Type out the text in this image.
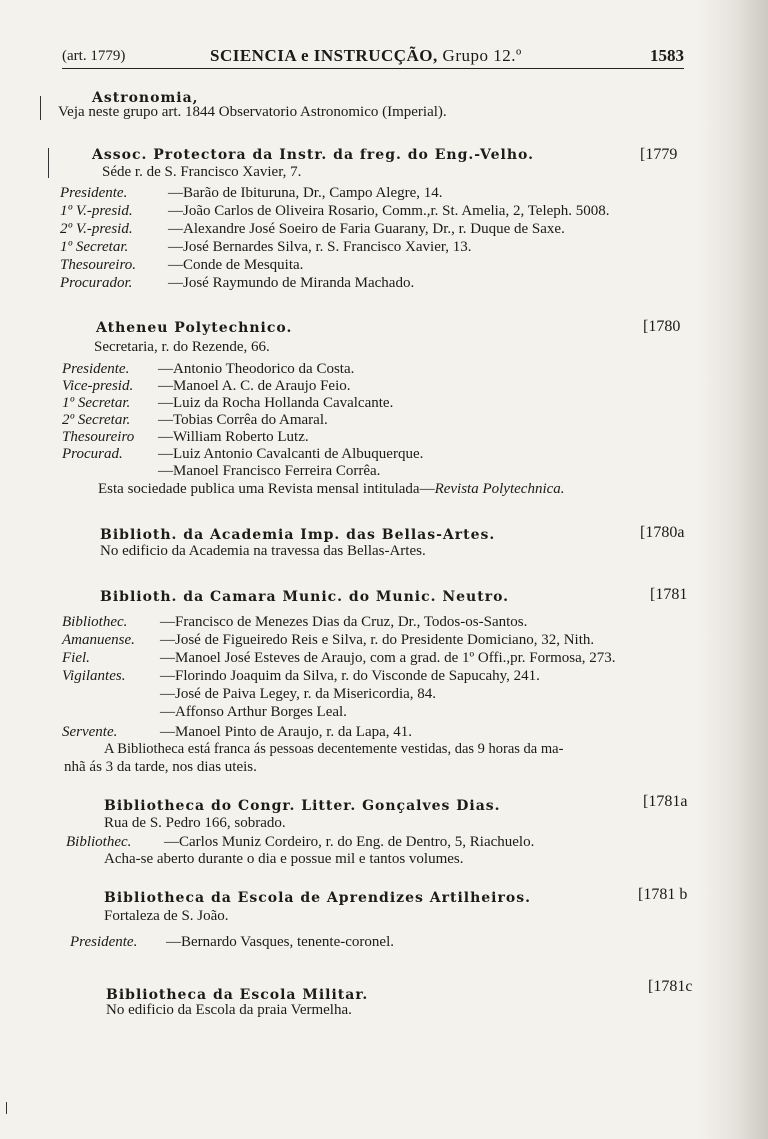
(art. 1779)	SCIENCIA e INSTRUCÇÃO, Grupo 12.º	1583
Astronomia,
Veja neste grupo art. 1844 Observatorio Astronomico (Imperial).
Assoc. Protectora da Instr. da freg. do Eng.-Velho.	[1779
Séde r. de S. Francisco Xavier, 7.
Presidente.	—Barão de Ibituruna, Dr., Campo Alegre, 14.
1º V.-presid. —João Carlos de Oliveira Rosario, Comm.,r. St. Amelia, 2, Teleph. 5008.
2º V.-presid. —Alexandre José Soeiro de Faria Guarany, Dr., r. Duque de Saxe.
1º Secretar.	—José Bernardes Silva, r. S. Francisco Xavier, 13.
Thesoureiro. —Conde de Mesquita.
Procurador. —José Raymundo de Miranda Machado.
Atheneu Polytechnico.	[1780
Secretaria, r. do Rezende, 66.
Presidente. —Antonio Theodorico da Costa.
Vice-presid. —Manoel A. C. de Araujo Feio.
1º Secretar. —Luiz da Rocha Hollanda Cavalcante.
2º Secretar. —Tobias Corrêa do Amaral.
Thesoureiro —William Roberto Lutz.
Procurad. —Luiz Antonio Cavalcanti de Albuquerque.
—Manoel Francisco Ferreira Corrêa.
Esta sociedade publica uma Revista mensal intitulada—Revista Polytechnica.
Biblioth. da Academia Imp. das Bellas-Artes.	[1780a
No edificio da Academia na travessa das Bellas-Artes.
Biblioth. da Camara Munic. do Munic. Neutro.	[1781
Bibliothec. —Francisco de Menezes Dias da Cruz, Dr., Todos-os-Santos.
Amanuense. —José de Figueiredo Reis e Silva, r. do Presidente Domiciano, 32, Nith.
Fiel.	—Manoel José Esteves de Araujo, com a grad. de 1º Offi.,pr. Formosa, 273.
Vigilantes. —Florindo Joaquim da Silva, r. do Visconde de Sapucahy, 241.
—José de Paiva Legey, r. da Misericordia, 84.
—Affonso Arthur Borges Leal.
Servente.	—Manoel Pinto de Araujo, r. da Lapa, 41.
A Bibliotheca está franca ás pessoas decentemente vestidas, das 9 horas da ma-
nhã ás 3 da tarde, nos dias uteis.
Bibliotheca do Congr. Litter. Gonçalves Dias.	[1781a
Rua de S. Pedro 166, sobrado.
Bibliothec. —Carlos Muniz Cordeiro, r. do Eng. de Dentro, 5, Riachuelo.
Acha-se aberto durante o dia e possue mil e tantos volumes.
Bibliotheca da Escola de Aprendizes Artilheiros.	[1781 b
Fortaleza de S. João.
Presidente. —Bernardo Vasques, tenente-coronel.
Bibliotheca da Escola Militar.	[1781c
No edificio da Escola da praia Vermelha.
